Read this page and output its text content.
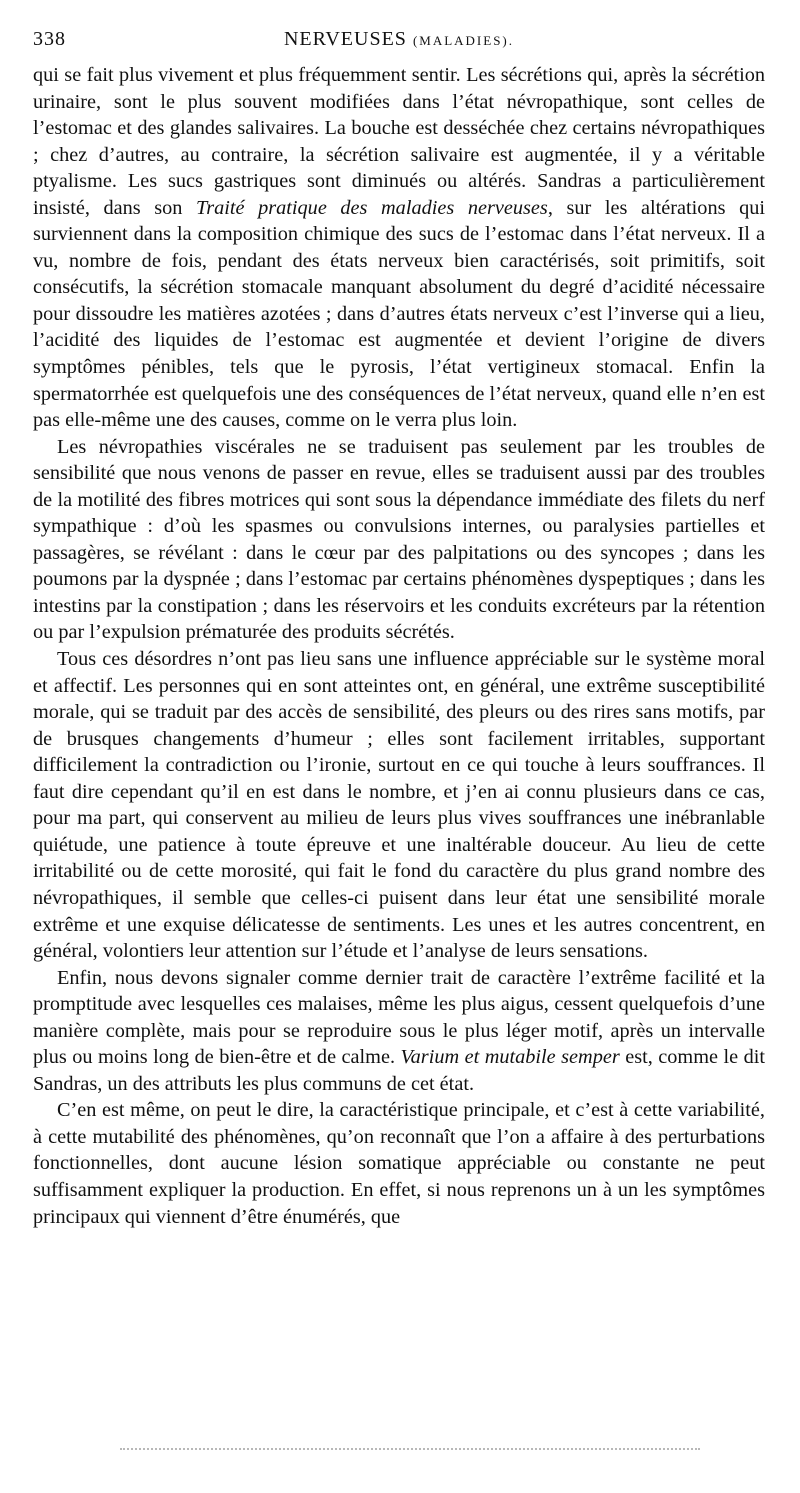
338	NERVEUSES (MALADIES).

qui se fait plus vivement et plus fréquemment sentir. Les sécrétions qui, après la sécrétion urinaire, sont le plus souvent modifiées dans l’état névropathique, sont celles de l’estomac et des glandes salivaires. La bouche est desséchée chez certains névropathiques ; chez d’autres, au contraire, la sécrétion salivaire est augmentée, il y a véritable ptyalisme. Les sucs gastriques sont diminués ou altérés. Sandras a particulièrement insisté, dans son Traité pratique des maladies nerveuses, sur les altérations qui surviennent dans la composition chimique des sucs de l’estomac dans l’état nerveux. Il a vu, nombre de fois, pendant des états nerveux bien caractérisés, soit primitifs, soit consécutifs, la sécrétion stomacale manquant absolument du degré d’acidité nécessaire pour dissoudre les matières azotées ; dans d’autres états nerveux c’est l’inverse qui a lieu, l’acidité des liquides de l’estomac est augmentée et devient l’origine de divers symptômes pénibles, tels que le pyrosis, l’état vertigineux stomacal. Enfin la spermatorrhée est quelquefois une des conséquences de l’état nerveux, quand elle n’en est pas elle-même une des causes, comme on le verra plus loin.

Les névropathies viscérales ne se traduisent pas seulement par les troubles de sensibilité que nous venons de passer en revue, elles se traduisent aussi par des troubles de la motilité des fibres motrices qui sont sous la dépendance immédiate des filets du nerf sympathique : d’où les spasmes ou convulsions internes, ou paralysies partielles et passagères, se révélant : dans le cœur par des palpitations ou des syncopes ; dans les poumons par la dyspnée ; dans l’estomac par certains phénomènes dyspeptiques ; dans les intestins par la constipation ; dans les réservoirs et les conduits excréteurs par la rétention ou par l’expulsion prématurée des produits sécrétés.

Tous ces désordres n’ont pas lieu sans une influence appréciable sur le système moral et affectif. Les personnes qui en sont atteintes ont, en général, une extrême susceptibilité morale, qui se traduit par des accès de sensibilité, des pleurs ou des rires sans motifs, par de brusques changements d’humeur ; elles sont facilement irritables, supportant difficilement la contradiction ou l’ironie, surtout en ce qui touche à leurs souffrances. Il faut dire cependant qu’il en est dans le nombre, et j’en ai connu plusieurs dans ce cas, pour ma part, qui conservent au milieu de leurs plus vives souffrances une inébranlable quiétude, une patience à toute épreuve et une inaltérable douceur. Au lieu de cette irritabilité ou de cette morosité, qui fait le fond du caractère du plus grand nombre des névropathiques, il semble que celles-ci puisent dans leur état une sensibilité morale extrême et une exquise délicatesse de sentiments. Les unes et les autres concentrent, en général, volontiers leur attention sur l’étude et l’analyse de leurs sensations.

Enfin, nous devons signaler comme dernier trait de caractère l’extrême facilité et la promptitude avec lesquelles ces malaises, même les plus aigus, cessent quelquefois d’une manière complète, mais pour se reproduire sous le plus léger motif, après un intervalle plus ou moins long de bien-être et de calme. Varium et mutabile semper est, comme le dit Sandras, un des attributs les plus communs de cet état.

C’en est même, on peut le dire, la caractéristique principale, et c’est à cette variabilité, à cette mutabilité des phénomènes, qu’on reconnaît que l’on a affaire à des perturbations fonctionnelles, dont aucune lésion somatique appréciable ou constante ne peut suffisamment expliquer la production. En effet, si nous reprenons un à un les symptômes principaux qui viennent d’être énumérés, que
